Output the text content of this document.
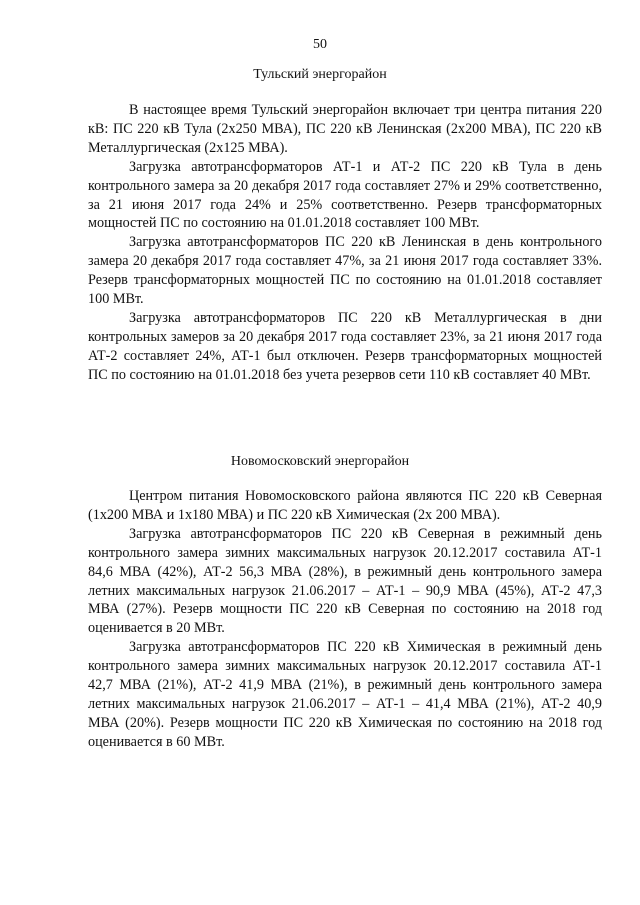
50
Тульский энергорайон

В настоящее время Тульский энергорайон включает три центра питания 220 кВ: ПС 220 кВ Тула (2х250 МВА), ПС 220 кВ Ленинская (2х200 МВА), ПС 220 кВ Металлургическая (2х125 МВА).

Загрузка автотрансформаторов АТ-1 и АТ-2 ПС 220 кВ Тула в день контрольного замера за 20 декабря 2017 года составляет 27% и 29% соответственно, за 21 июня 2017 года 24% и 25% соответственно. Резерв трансформаторных мощностей ПС по состоянию на 01.01.2018 составляет 100 МВт.

Загрузка автотрансформаторов ПС 220 кВ Ленинская в день контрольного замера 20 декабря 2017 года составляет 47%, за 21 июня 2017 года составляет 33%. Резерв трансформаторных мощностей ПС по состоянию на 01.01.2018 составляет 100 МВт.

Загрузка автотрансформаторов ПС 220 кВ Металлургическая в дни контрольных замеров за 20 декабря 2017 года составляет 23%, за 21 июня 2017 года АТ-2 составляет 24%, АТ-1 был отключен. Резерв трансформаторных мощностей ПС по состоянию на 01.01.2018 без учета резервов сети 110 кВ составляет 40 МВт.

Новомосковский энергорайон

Центром питания Новомосковского района являются ПС 220 кВ Северная (1х200 МВА и 1х180 МВА) и ПС 220 кВ Химическая (2х 200 МВА).

Загрузка автотрансформаторов ПС 220 кВ Северная в режимный день контрольного замера зимних максимальных нагрузок 20.12.2017 составила АТ-1 84,6 МВА (42%), АТ-2 56,3 МВА (28%), в режимный день контрольного замера летних максимальных нагрузок 21.06.2017 – АТ-1 – 90,9 МВА (45%), АТ-2 47,3 МВА (27%). Резерв мощности ПС 220 кВ Северная по состоянию на 2018 год оценивается в 20 МВт.

Загрузка автотрансформаторов ПС 220 кВ Химическая в режимный день контрольного замера зимних максимальных нагрузок 20.12.2017 составила АТ-1 42,7 МВА (21%), АТ-2 41,9 МВА (21%), в режимный день контрольного замера летних максимальных нагрузок 21.06.2017 – АТ-1 – 41,4 МВА (21%), АТ-2 40,9 МВА (20%). Резерв мощности ПС 220 кВ Химическая по состоянию на 2018 год оценивается в 60 МВт.
